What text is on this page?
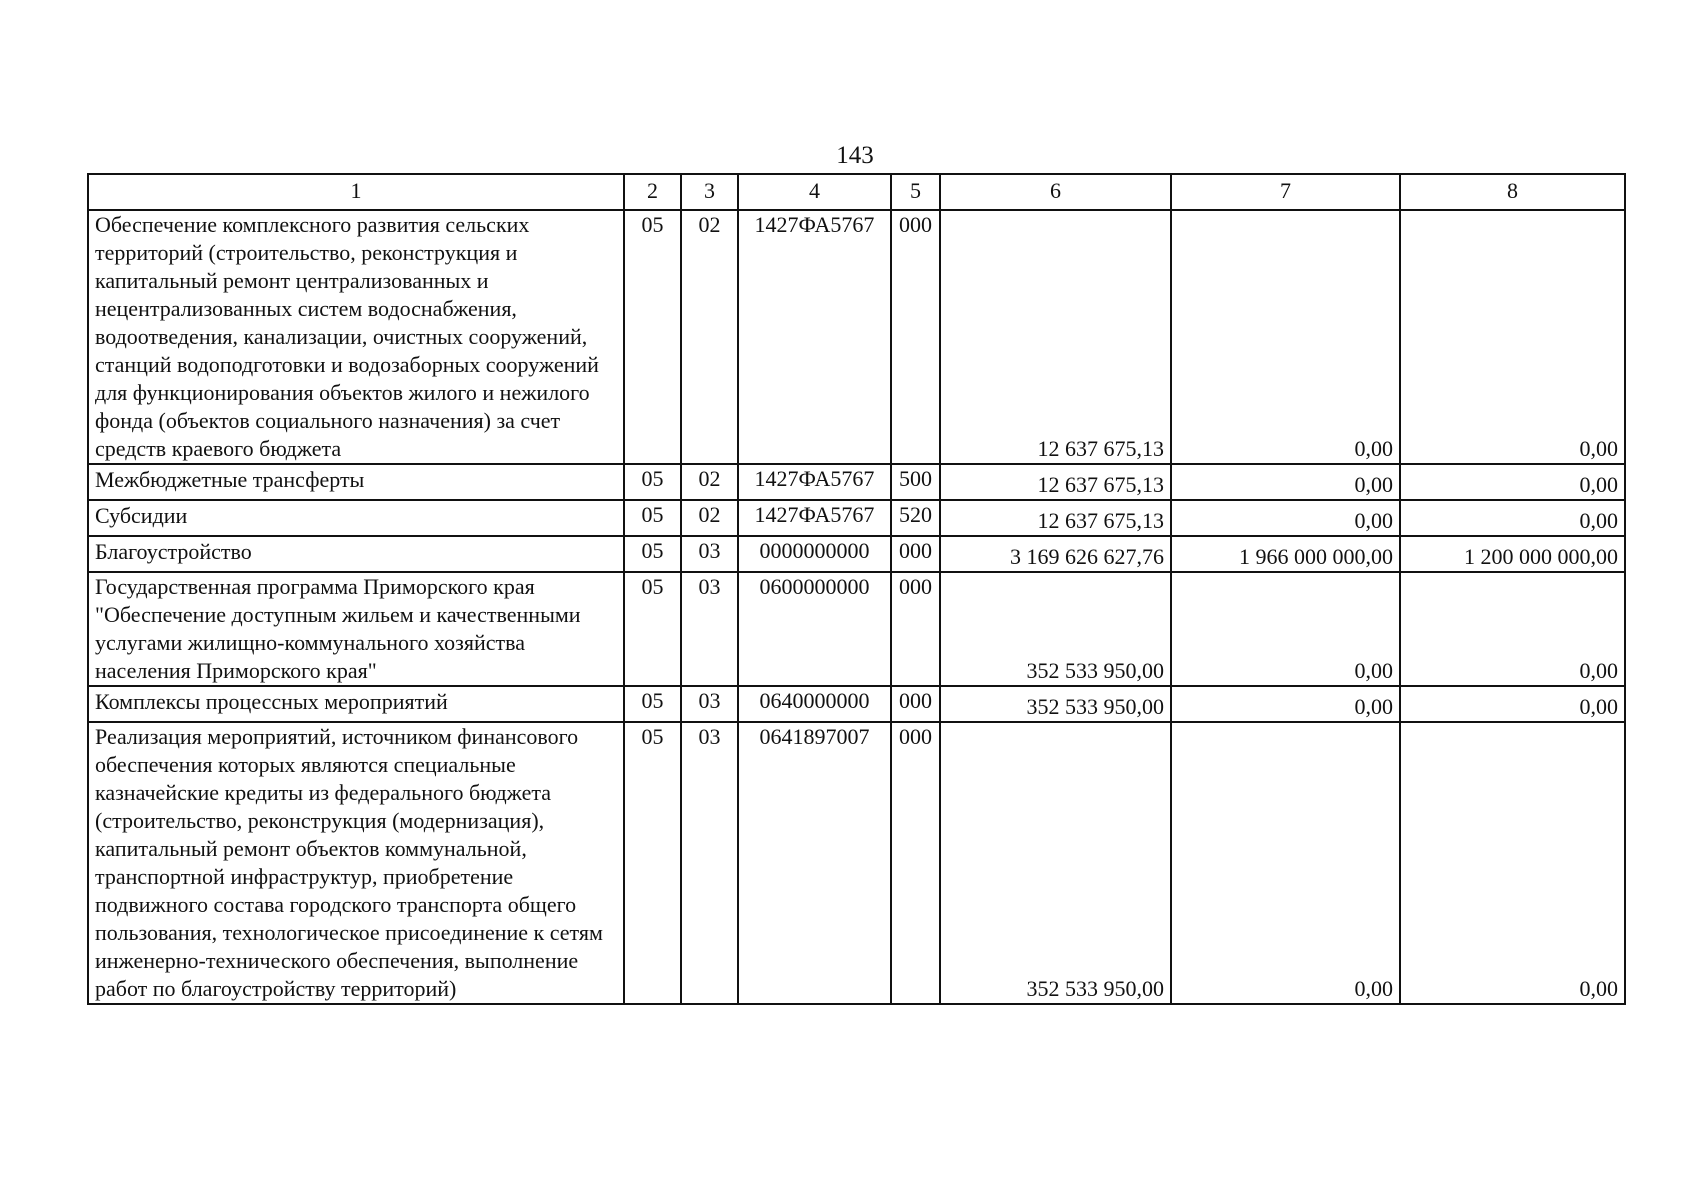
143
1	2	3	4	5	6	7	8
Обеспечение комплексного развития сельских территорий (строительство, реконструкция и капитальный ремонт централизованных и нецентрализованных систем водоснабжения, водоотведения, канализации, очистных сооружений, станций водоподготовки и водозаборных сооружений для функционирования объектов жилого и нежилого фонда (объектов социального назначения) за счет средств краевого бюджета	05	02	1427ФА5767	000	12 637 675,13	0,00	0,00
Межбюджетные трансферты	05	02	1427ФА5767	500	12 637 675,13	0,00	0,00
Субсидии	05	02	1427ФА5767	520	12 637 675,13	0,00	0,00
Благоустройство	05	03	0000000000	000	3 169 626 627,76	1 966 000 000,00	1 200 000 000,00
Государственная программа Приморского края "Обеспечение доступным жильем и качественными услугами жилищно-коммунального хозяйства населения Приморского края"	05	03	0600000000	000	352 533 950,00	0,00	0,00
Комплексы процессных мероприятий	05	03	0640000000	000	352 533 950,00	0,00	0,00
Реализация мероприятий, источником финансового обеспечения которых являются специальные казначейские кредиты из федерального бюджета (строительство, реконструкция (модернизация), капитальный ремонт объектов коммунальной, транспортной инфраструктур, приобретение подвижного состава городского транспорта общего пользования, технологическое присоединение к сетям инженерно-технического обеспечения, выполнение работ по благоустройству территорий)	05	03	0641897007	000	352 533 950,00	0,00	0,00
